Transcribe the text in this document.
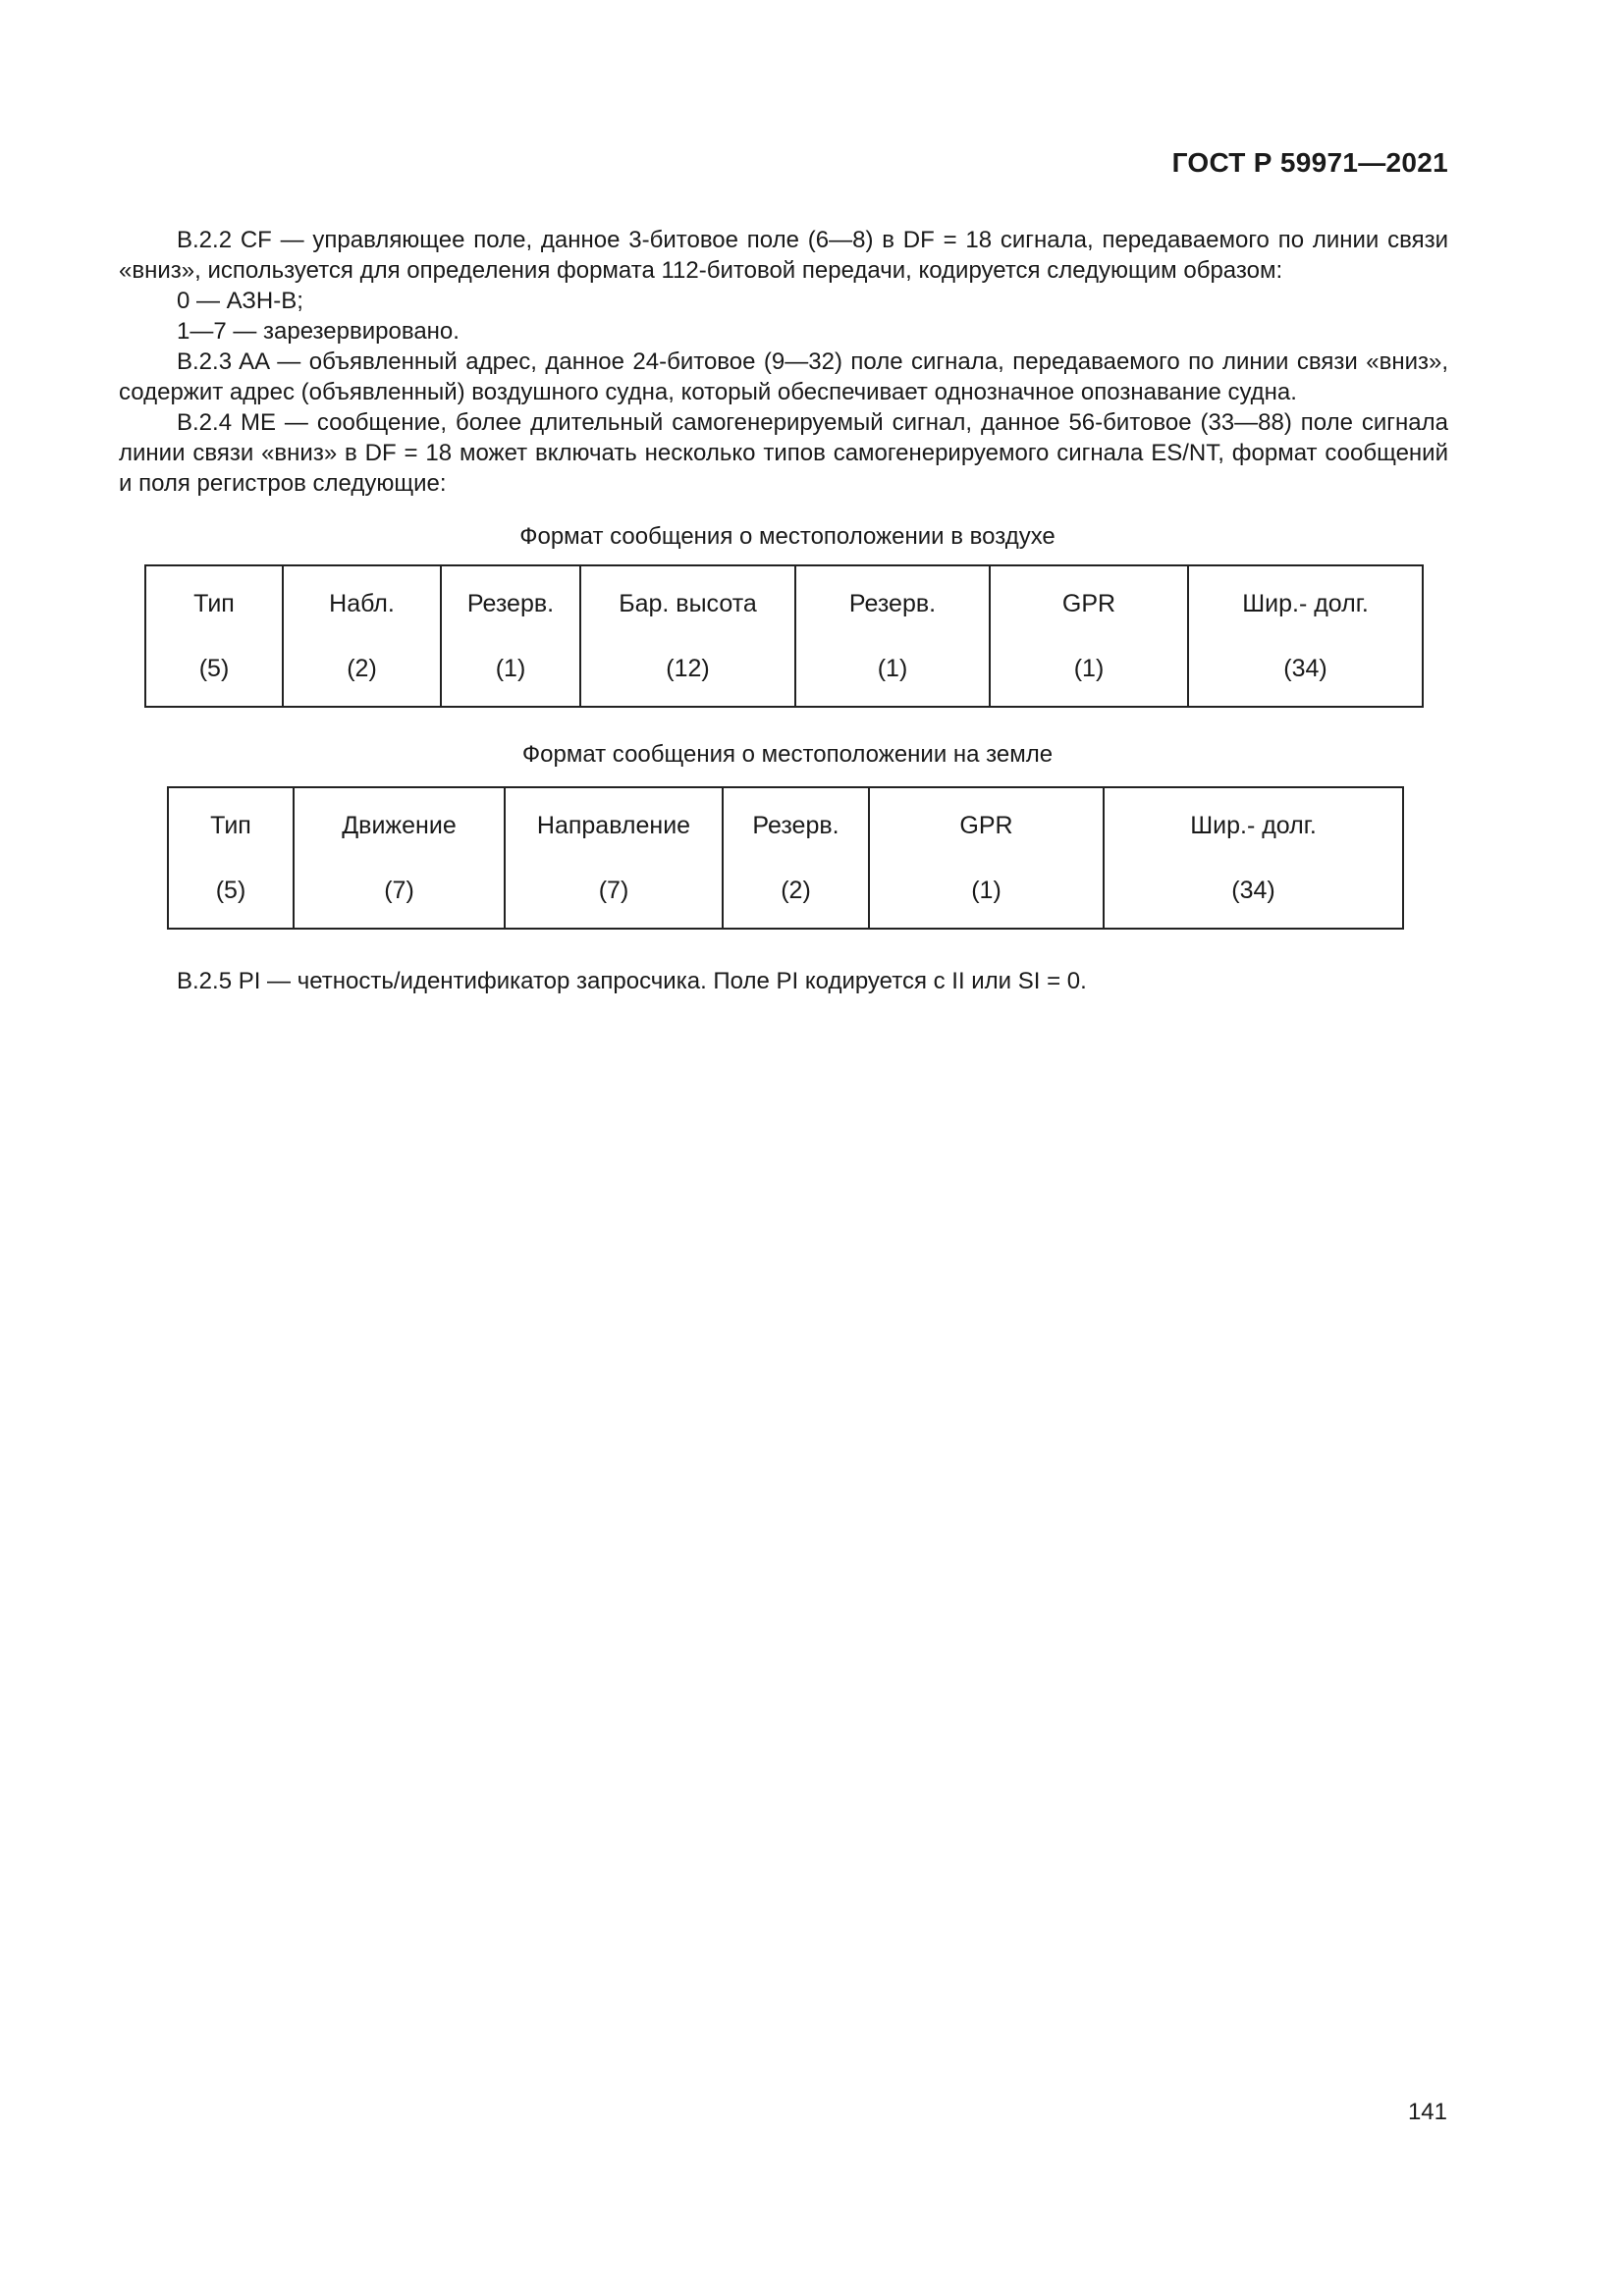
ГОСТ Р 59971—2021

B.2.2 CF — управляющее поле, данное 3-битовое поле (6—8) в DF = 18 сигнала, передаваемого по линии связи «вниз», используется для определения формата 112-битовой передачи, кодируется следующим образом:

0 — АЗН-В;

1—7 — зарезервировано.

B.2.3 AA — объявленный адрес, данное 24-битовое (9—32) поле сигнала, передаваемого по линии связи «вниз», содержит адрес (объявленный) воздушного судна, который обеспечивает однозначное опознавание судна.

B.2.4 ME — сообщение, более длительный самогенерируемый сигнал, данное 56-битовое (33—88) поле сигнала линии связи «вниз» в DF = 18 может включать несколько типов самогенерируемого сигнала ES/NT, формат сообщений и поля регистров следующие:

Формат сообщения о местоположении в воздухе
Тип
(5)

Набл.
(2)

Резерв.
(1)

Бар. высота
(12)

Резерв.
(1)

GPR
(1)

Шир.- долг.
(34)
Формат сообщения о местоположении на земле
Тип
(5)

Движение
(7)

Направление
(7)

Резерв.
(2)

GPR
(1)

Шир.- долг.
(34)
B.2.5 PI — четность/идентификатор запросчика. Поле PI кодируется с II или SI = 0.
141
